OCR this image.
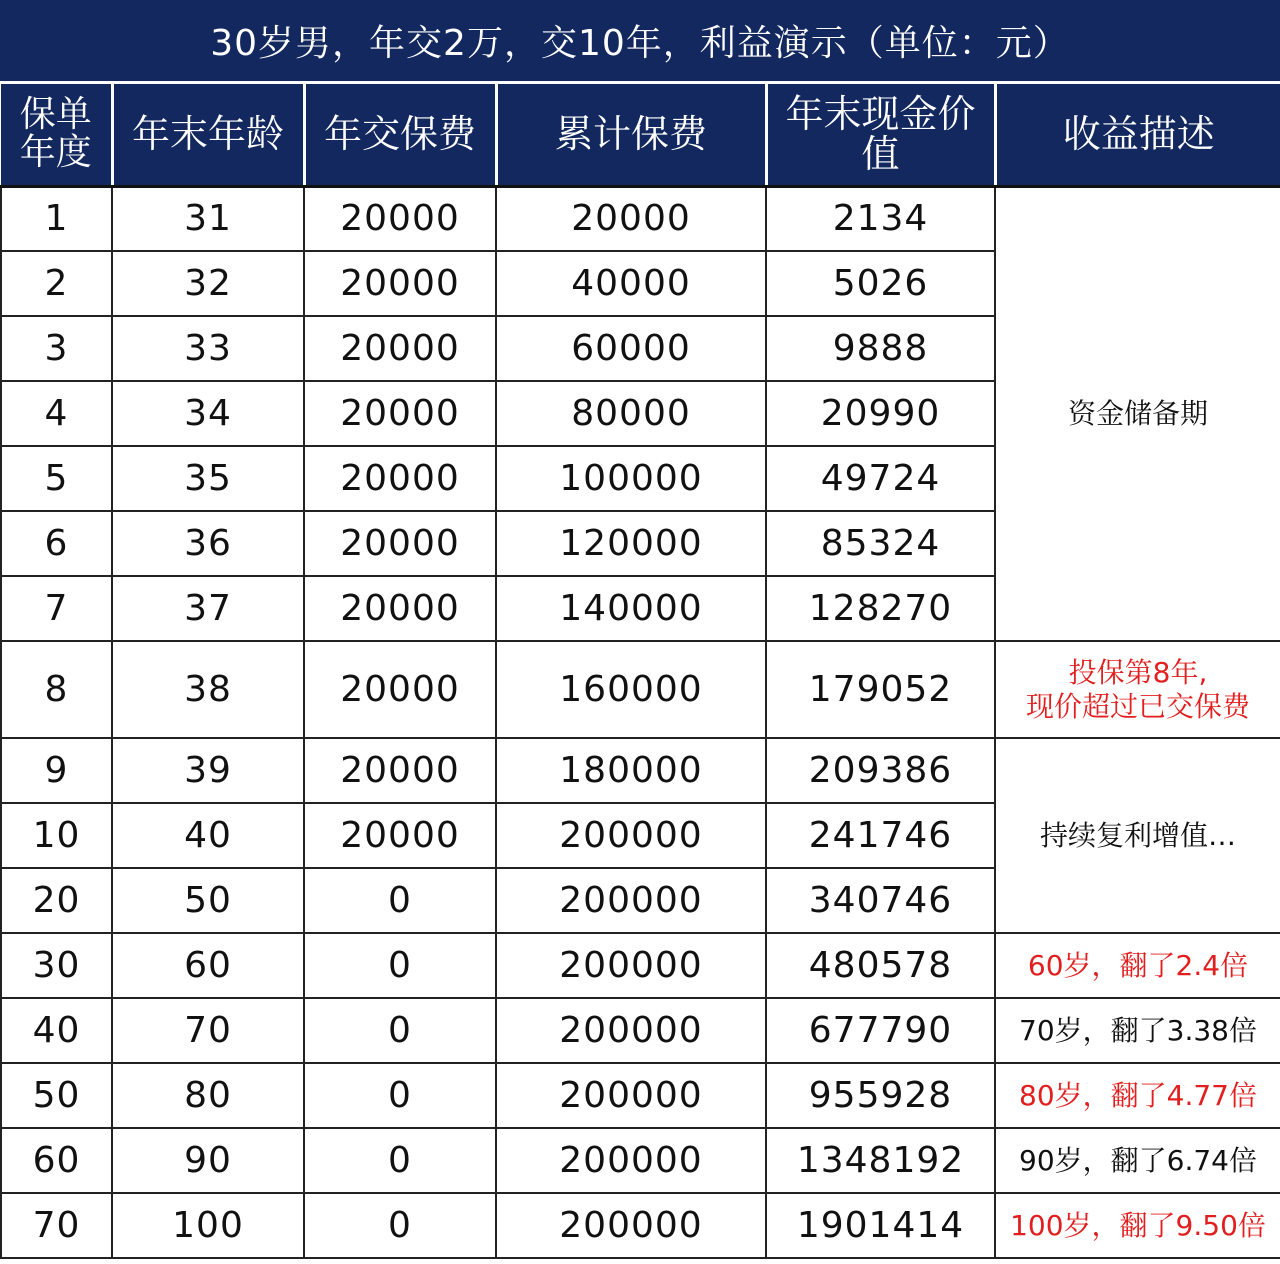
30岁男，年交2万，交10年，利益演示（单位：元）
保单年度	年末年龄	年交保费	累计保费	年末现金价值	收益描述
1	31	20000	20000	2134	资金储备期
2	32	20000	40000	5026	
3	33	20000	60000	9888	
4	34	20000	80000	20990	
5	35	20000	100000	49724	
6	36	20000	120000	85324	
7	37	20000	140000	128270	
8	38	20000	160000	179052	投保第8年,
现价超过已交保费
9	39	20000	180000	209386	持续复利增值…
10	40	20000	200000	241746	
20	50	0	200000	340746	
30	60	0	200000	480578	60岁，翻了2.4倍
40	70	0	200000	677790	70岁，翻了3.38倍
50	80	0	200000	955928	80岁，翻了4.77倍
60	90	0	200000	1348192	90岁，翻了6.74倍
70	100	0	200000	1901414	100岁，翻了9.50倍
